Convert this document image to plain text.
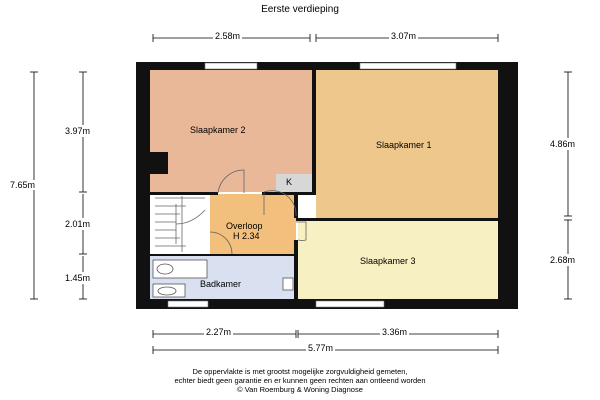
Eerste verdieping
Slaapkamer 2
Slaapkamer 1
Slaapkamer 3
Overloop
H 2.34
Badkamer
K
2.58m	3.07m
2.27m	3.36m
5.77m
7.65m
3.97m
2.01m
1.45m
4.86m
2.68m
De oppervlakte is met grootst mogelijke zorgvuldigheid gemeten,
echter biedt geen garantie en er kunnen geen rechten aan ontleend worden
© Van Roemburg & Woning Diagnose
